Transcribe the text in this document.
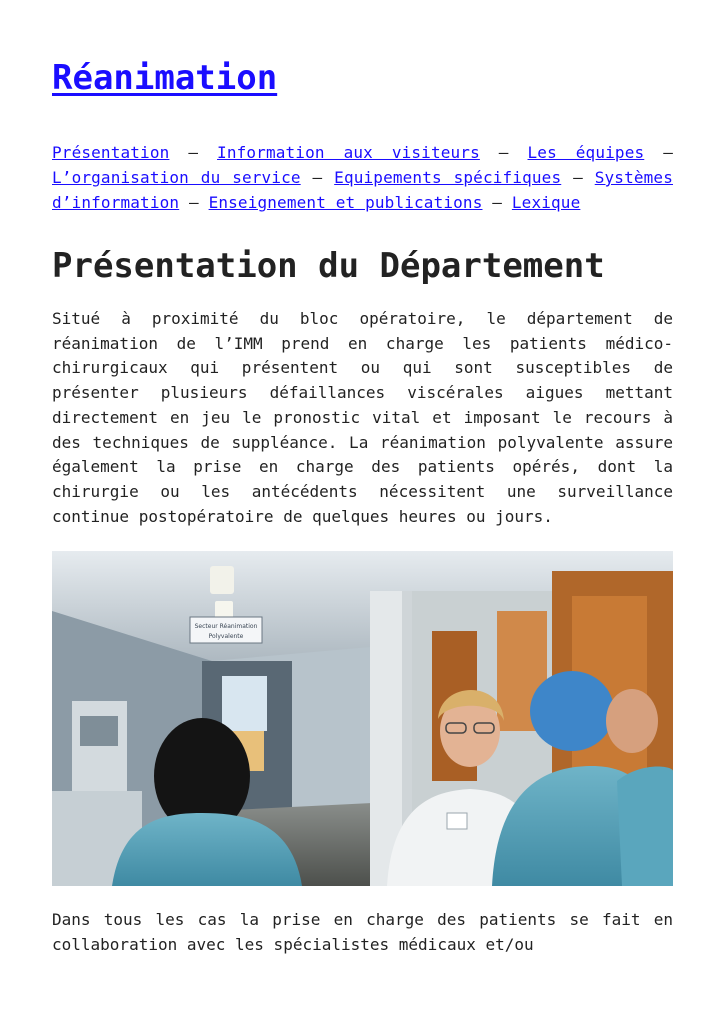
Réanimation
Présentation – Information aux visiteurs – Les équipes – L’organisation du service – Equipements spécifiques – Systèmes d’information – Enseignement et publications – Lexique
Présentation du Département

Situé à proximité du bloc opératoire, le département de réanimation de l’IMM prend en charge les patients médico-chirurgicaux qui présentent ou qui sont susceptibles de présenter plusieurs défaillances viscérales aigues mettant directement en jeu le pronostic vital et imposant le recours à des techniques de suppléance. La réanimation polyvalente assure également la prise en charge des patients opérés, dont la chirurgie ou les antécédents nécessitent une surveillance continue postopératoire de quelques heures ou jours.

Secteur Réanimation
Polyvalente

Dans tous les cas la prise en charge des patients se fait en collaboration avec les spécialistes médicaux et/ou
